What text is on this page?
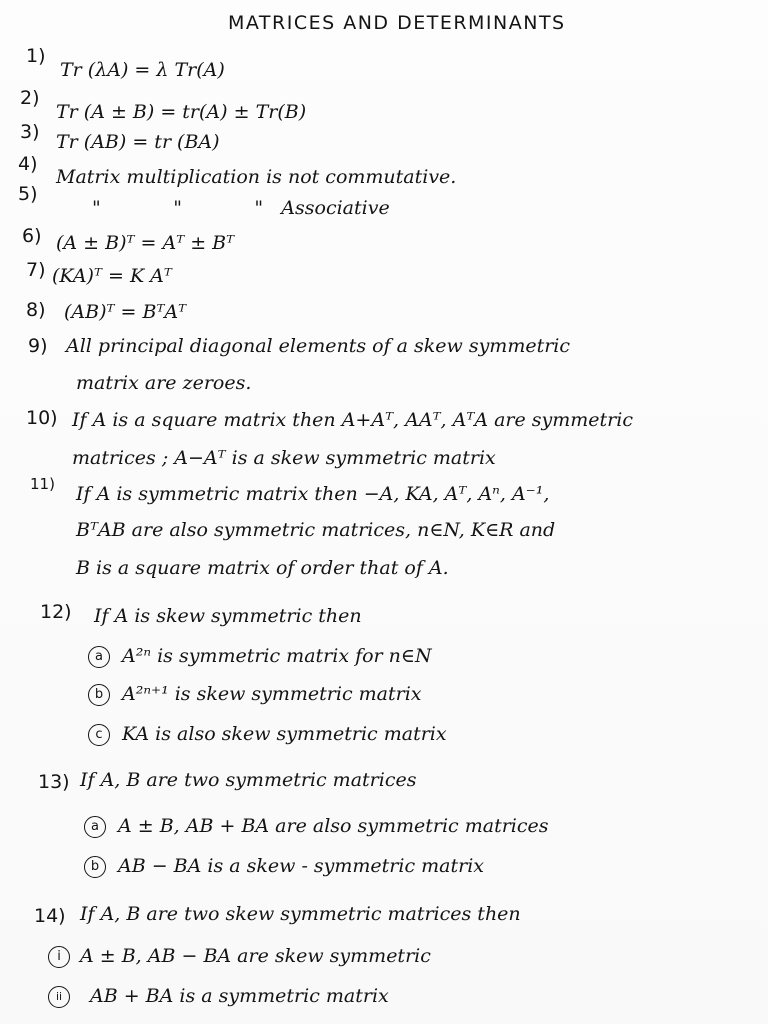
MATRICES AND DETERMINANTS
1)
Tr (λA) = λ Tr(A)
2)
Tr (A ± B) = tr(A) ± Tr(B)
3) Tr (AB) = tr (BA)
4)
Matrix multiplication is not commutative.
5)
"            "            "   Associative
6) (A ± B)ᵀ = Aᵀ ± Bᵀ
7) (KA)ᵀ = K Aᵀ
8) (AB)ᵀ = BᵀAᵀ
9) All principal diagonal elements of a skew symmetric
matrix are zeroes.
10) If A is a square matrix then A+Aᵀ, AAᵀ, AᵀA are symmetric
matrices ; A−Aᵀ is a skew symmetric matrix
11) If A is symmetric matrix then −A, KA, Aᵀ, Aⁿ, A⁻¹,
BᵀAB are also symmetric matrices, n∈N, K∈R and
B is a square matrix of order that of A.
12) If A is skew symmetric then
a	A²ⁿ is symmetric matrix for n∈N
b A²ⁿ⁺¹ is skew symmetric matrix
c	KA is also skew symmetric matrix
13) If A, B are two symmetric matrices
a	A ± B, AB + BA are also symmetric matrices
b AB − BA is a skew - symmetric matrix
14) If A, B are two skew symmetric matrices then
i	A ± B, AB − BA are skew symmetric
ii	AB + BA is a symmetric matrix
